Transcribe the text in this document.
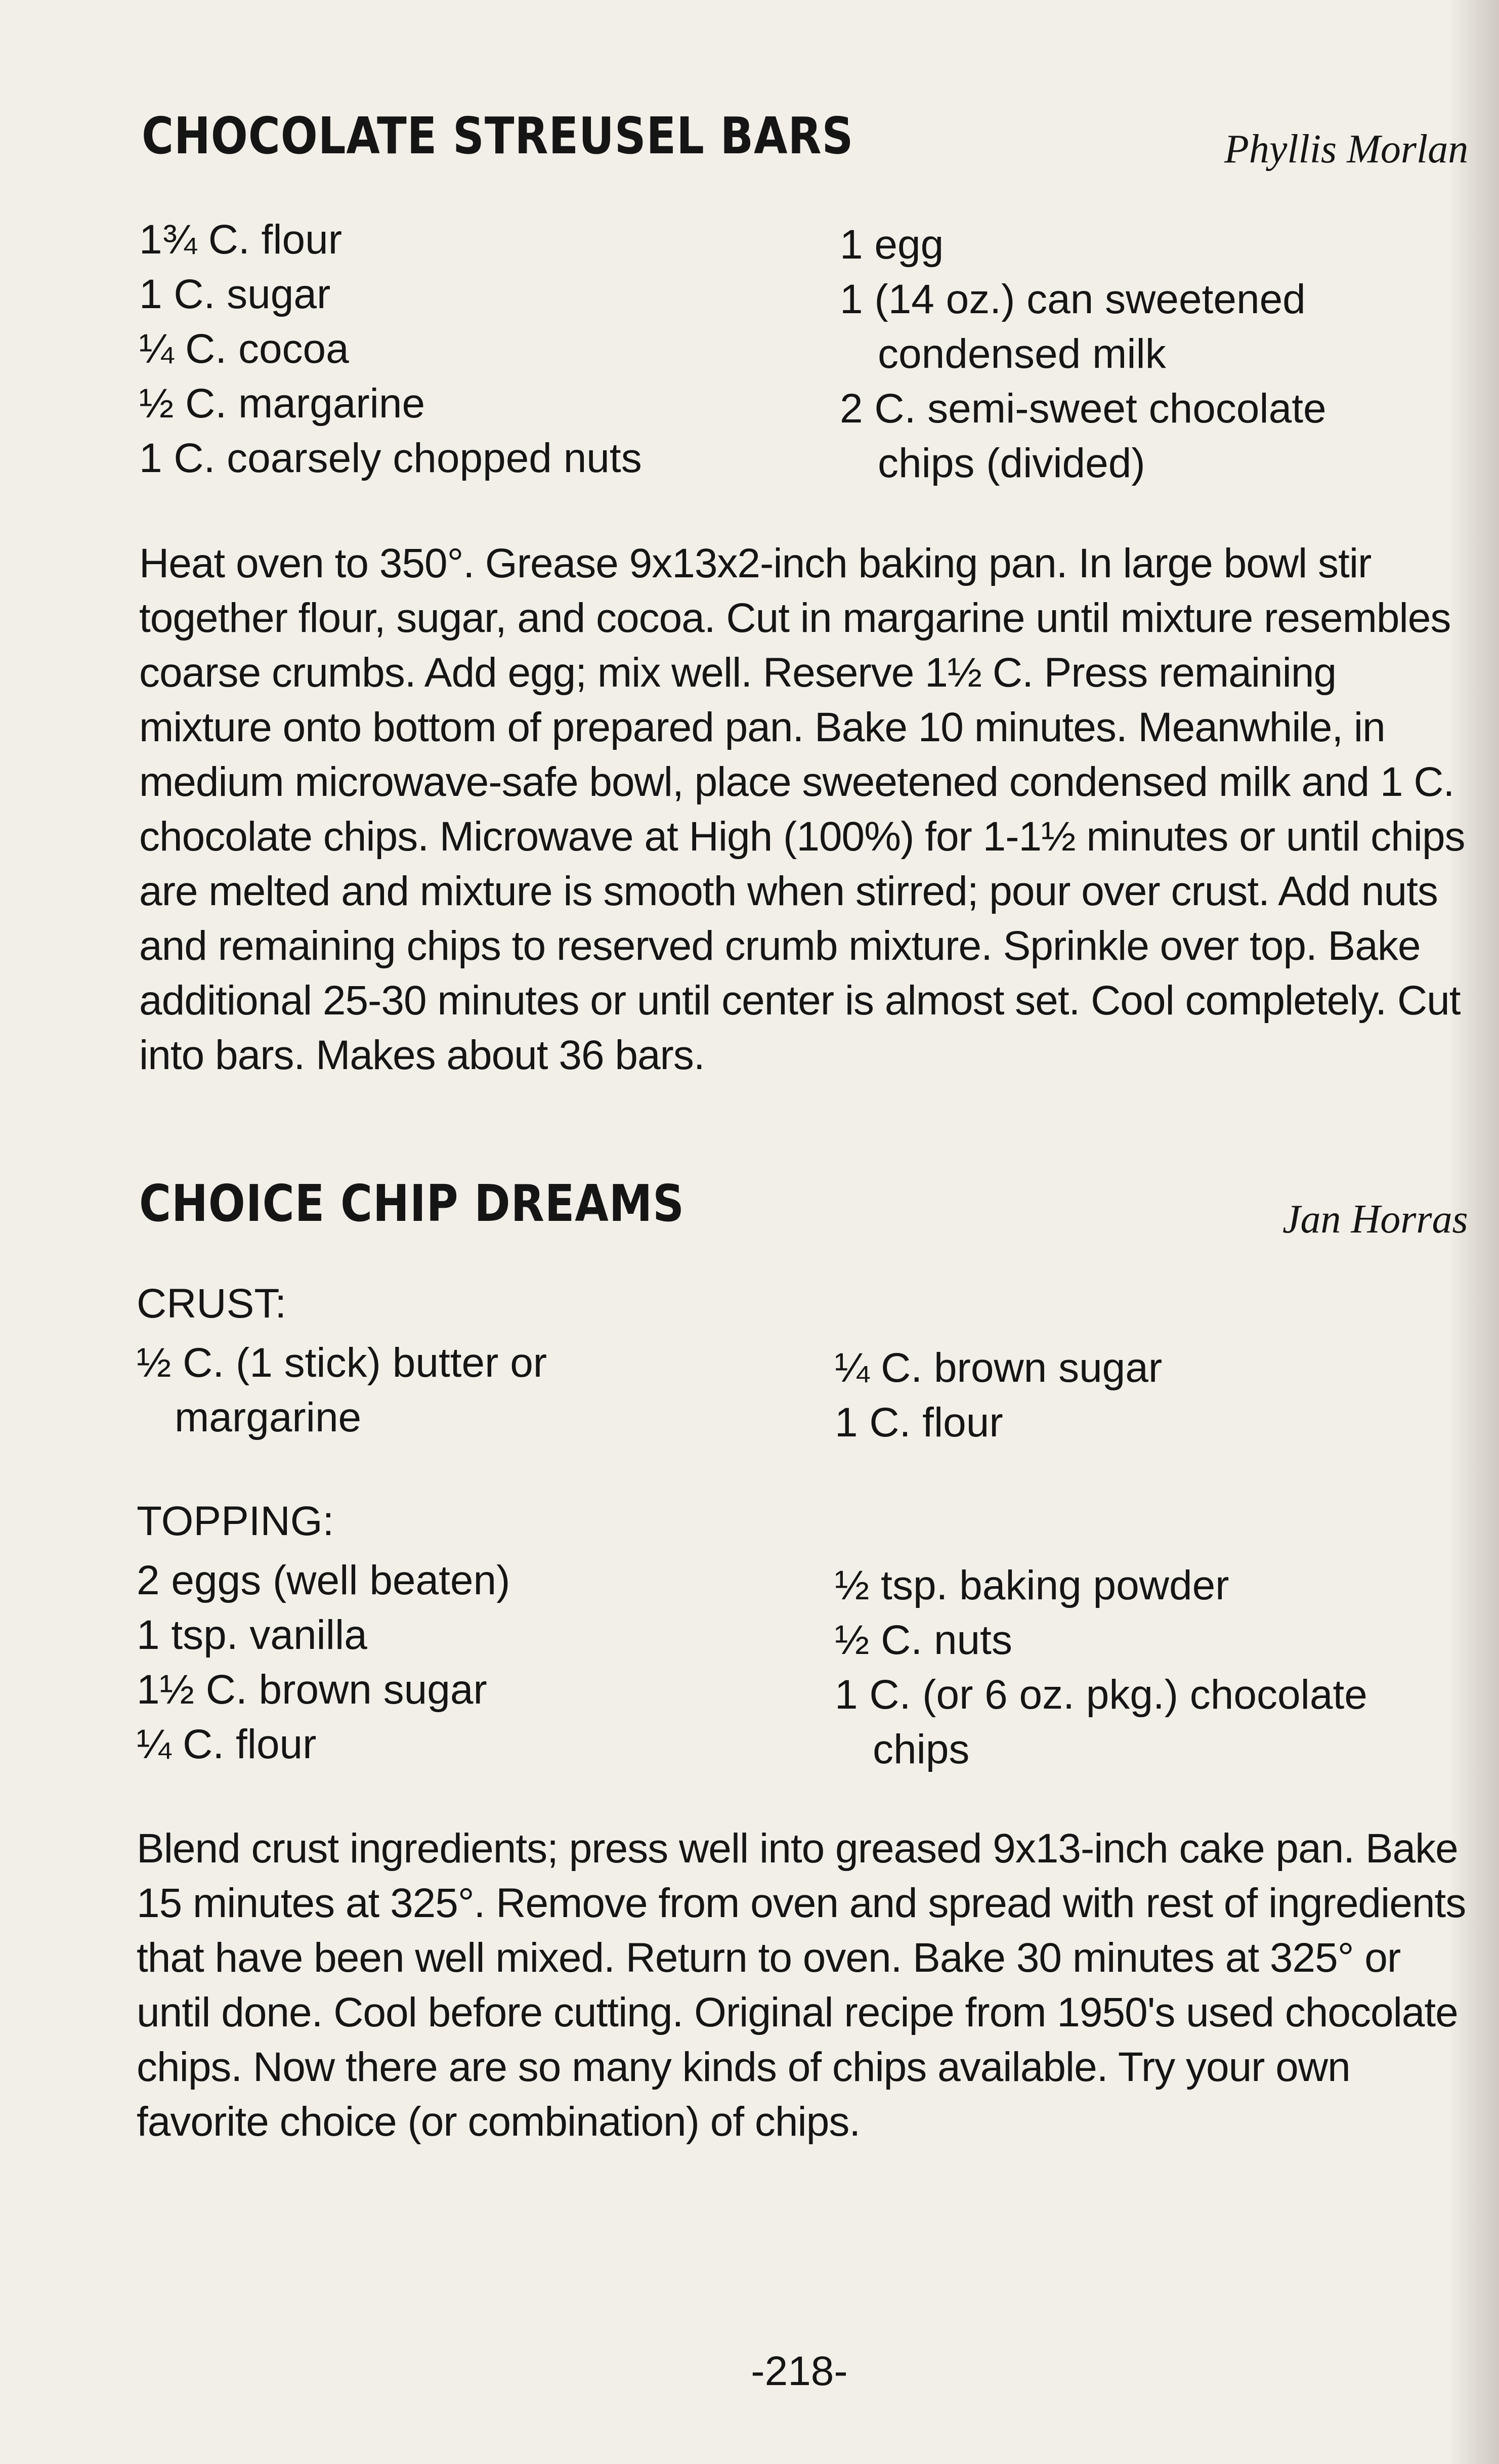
CHOCOLATE STREUSEL BARS	Phyllis Morlan
1¾ C. flour
1 C. sugar
¼ C. cocoa
½ C. margarine
1 C. coarsely chopped nuts
1 egg
1 (14 oz.) can sweetened
condensed milk
2 C. semi-sweet chocolate
chips (divided)

Heat oven to 350°. Grease 9x13x2-inch baking pan. In large bowl stir together flour, sugar, and cocoa. Cut in margarine until mixture resembles coarse crumbs. Add egg; mix well. Reserve 1½ C. Press remaining mixture onto bottom of prepared pan. Bake 10 minutes. Meanwhile, in medium microwave-safe bowl, place sweetened condensed milk and 1 C. chocolate chips. Microwave at High (100%) for 1-1½ minutes or until chips are melted and mixture is smooth when stirred; pour over crust. Add nuts and remaining chips to reserved crumb mixture. Sprinkle over top. Bake additional 25-30 minutes or until center is almost set. Cool completely. Cut into bars. Makes about 36 bars.

CHOICE CHIP DREAMS	Jan Horras
CRUST:
½ C. (1 stick) butter or
margarine
¼ C. brown sugar
1 C. flour
TOPPING:
2 eggs (well beaten)
1 tsp. vanilla
1½ C. brown sugar
¼ C. flour
½ tsp. baking powder
½ C. nuts
1 C. (or 6 oz. pkg.) chocolate
chips

Blend crust ingredients; press well into greased 9x13-inch cake pan. Bake 15 minutes at 325°. Remove from oven and spread with rest of ingredients that have been well mixed. Return to oven. Bake 30 minutes at 325° or until done. Cool before cutting. Original recipe from 1950's used chocolate chips. Now there are so many kinds of chips available. Try your own favorite choice (or combination) of chips.

-218-
